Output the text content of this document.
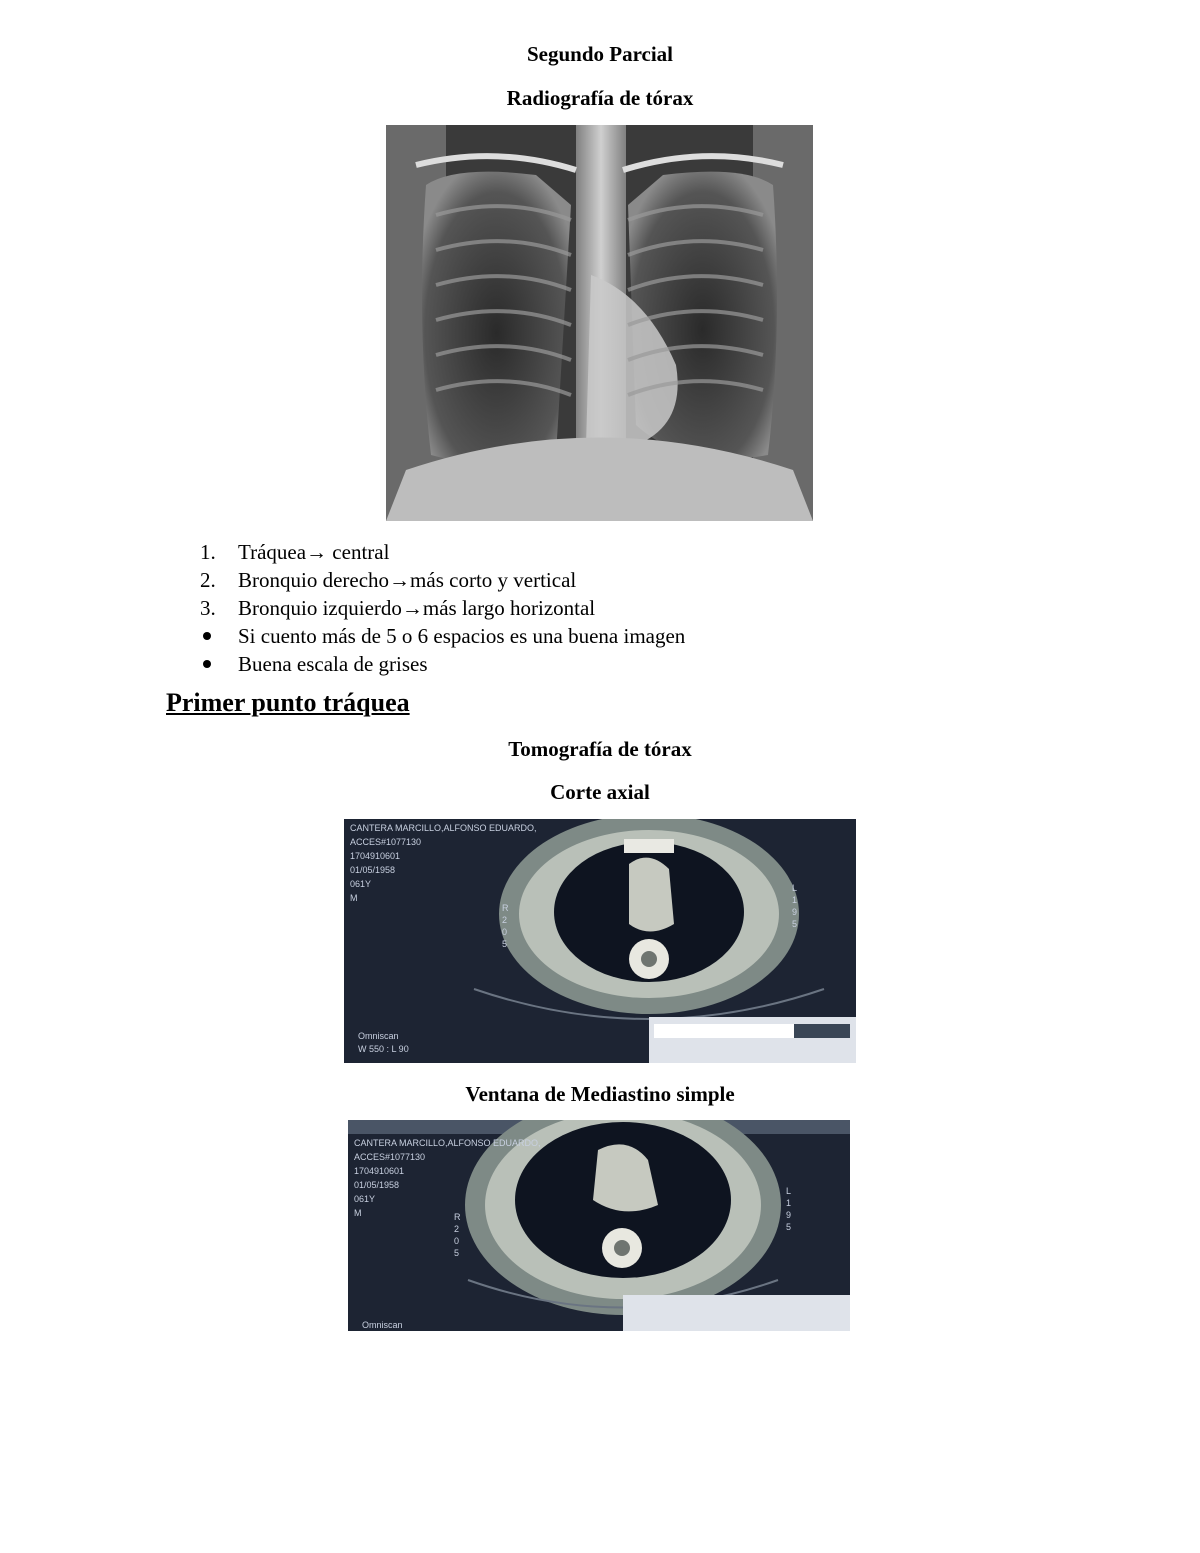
Segundo Parcial
Radiografía de tórax
1.	Tráquea→ central
2.	Bronquio derecho→más corto y vertical
3.	Bronquio izquierdo→más largo horizontal
Si cuento más de 5 o 6 espacios es una buena imagen
Buena escala de grises
Primer punto tráquea
Tomografía de tórax
Corte axial
CANTERA MARCILLO,ALFONSO EDUARDO,
ACCES#1077130
1704910601
01/05/1958
061Y
M
R
2
0
5
L
1
9
5
Omniscan
W 550 : L 90
Ventana de Mediastino simple
CANTERA MARCILLO,ALFONSO EDUARDO,
ACCES#1077130
1704910601
01/05/1958
061Y
M	R
2
0
5
L
1
9
5
Omniscan
